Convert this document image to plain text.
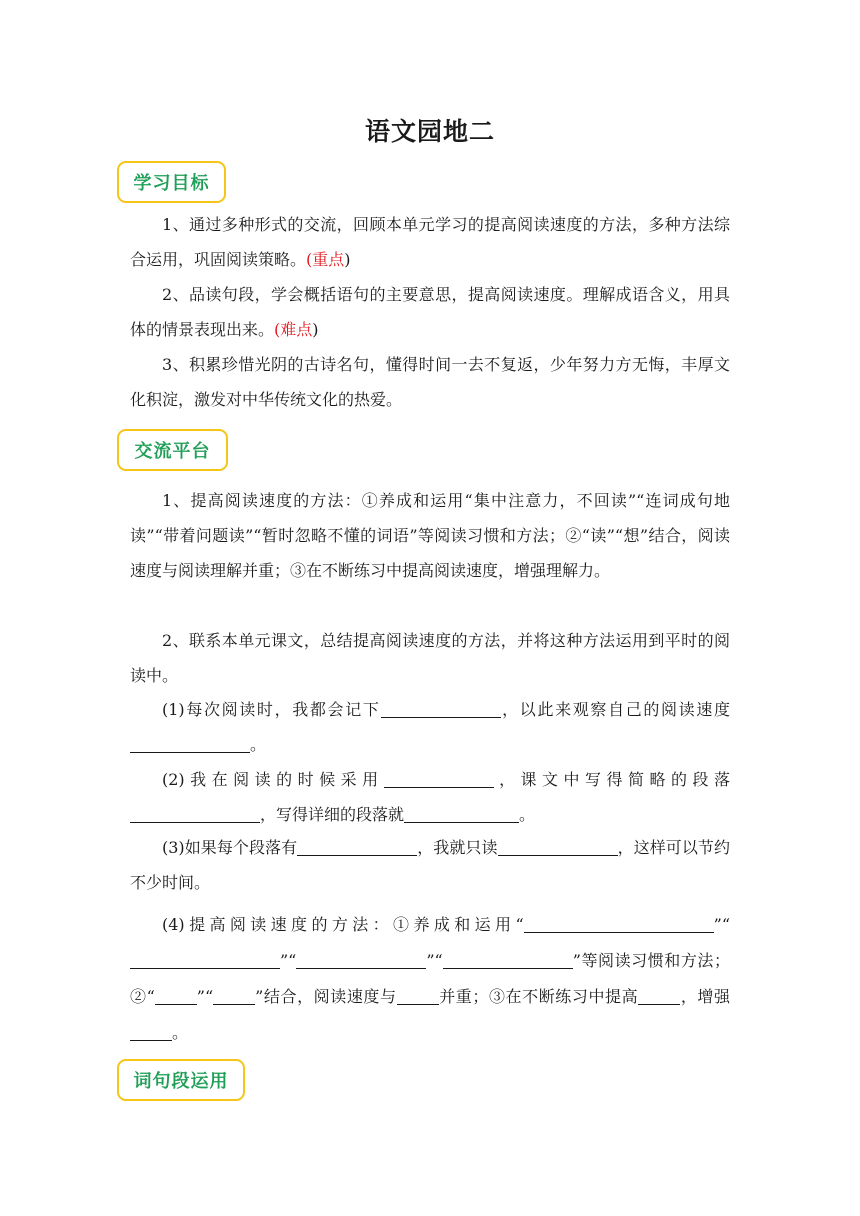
语文园地二
学习目标

1、通过多种形式的交流，回顾本单元学习的提高阅读速度的方法，多种方法综合运用，巩固阅读策略。(重点)

2、品读句段，学会概括语句的主要意思，提高阅读速度。理解成语含义，用具体的情景表现出来。(难点)

3、积累珍惜光阴的古诗名句，懂得时间一去不复返，少年努力方无悔，丰厚文化积淀，激发对中华传统文化的热爱。

交流平台

1、提高阅读速度的方法：①养成和运用“集中注意力，不回读”“连词成句地读”“带着问题读”“暂时忽略不懂的词语”等阅读习惯和方法；②“读”“想”结合，阅读速度与阅读理解并重；③在不断练习中提高阅读速度，增强理解力。

2、联系本单元课文，总结提高阅读速度的方法，并将这种方法运用到平时的阅读中。

(1)每次阅读时，我都会记下	，以此来观察自己的阅读速度。

(2)我在阅读的时候采用	，课文中写得简略的段落，写得详细的段落就	。

(3)如果每个段落有	，我就只读	，这样可以节约不少时间。

(4)提高阅读速度的方法：①养成和运用“	”“”“	”“	”等阅读习惯和方法；②“	”“	”结合，阅读速度与	并重；③在不断练习中提高	，增强。

词句段运用
